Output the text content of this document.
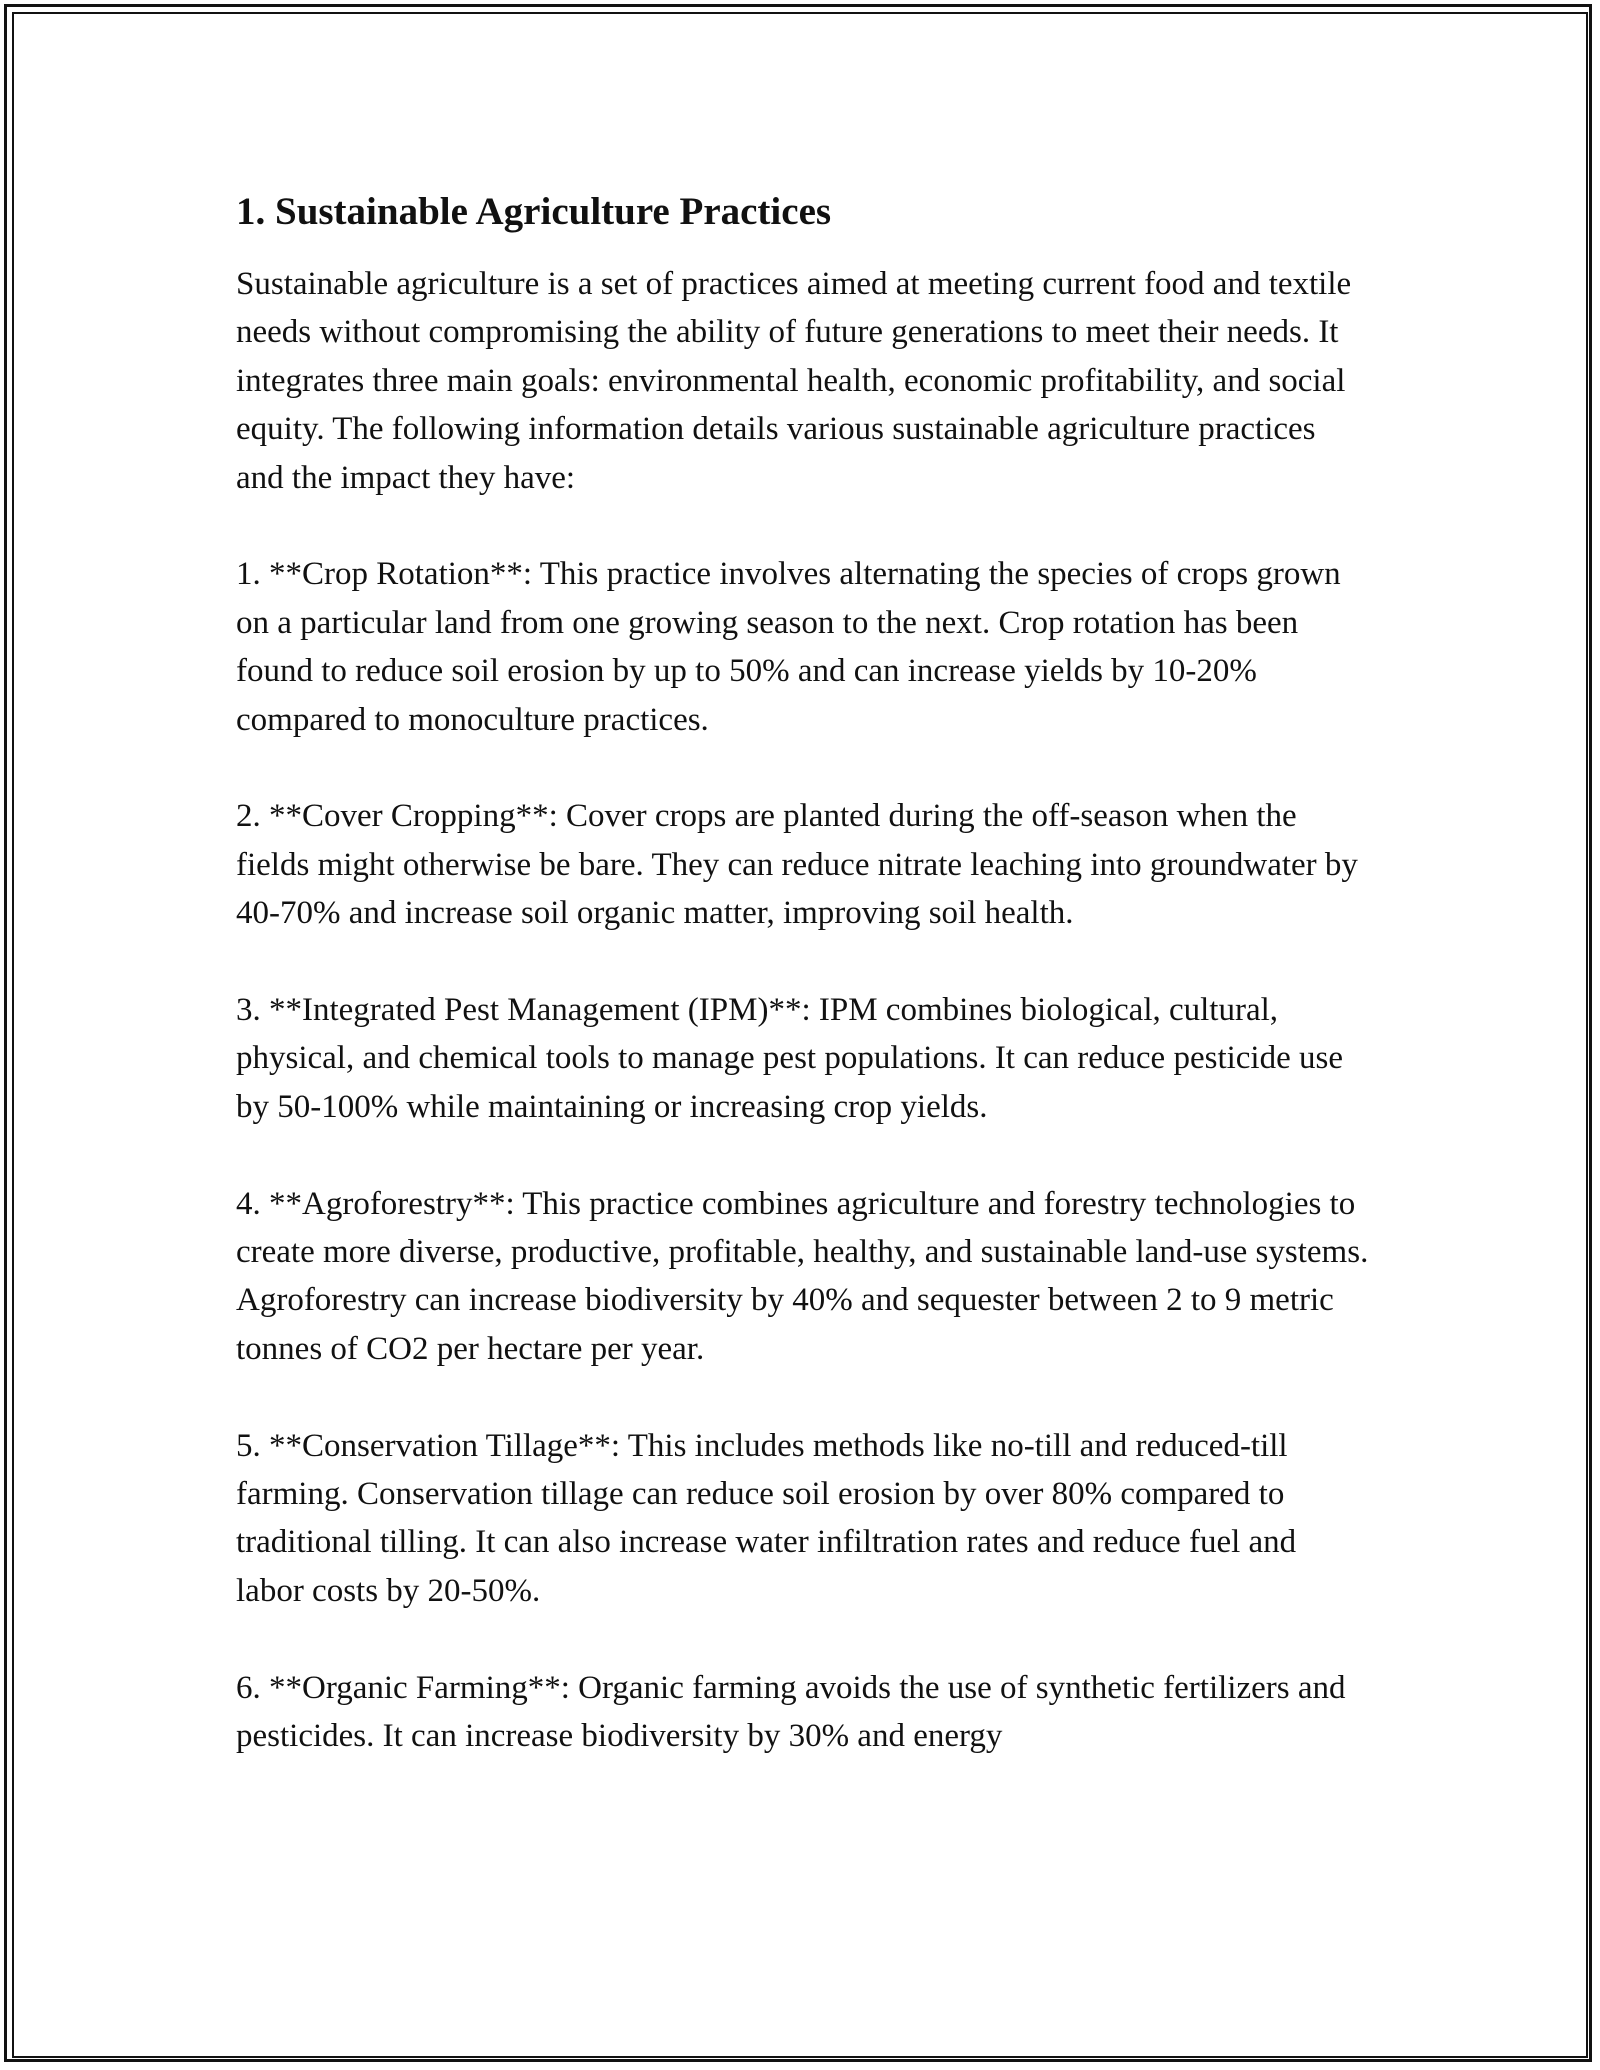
1. Sustainable Agriculture Practices

Sustainable agriculture is a set of practices aimed at meeting current food and textile needs without compromising the ability of future generations to meet their needs. It integrates three main goals: environmental health, economic profitability, and social equity. The following information details various sustainable agriculture practices and the impact they have:

1. **Crop Rotation**: This practice involves alternating the species of crops grown on a particular land from one growing season to the next. Crop rotation has been found to reduce soil erosion by up to 50% and can increase yields by 10-20% compared to monoculture practices.

2. **Cover Cropping**: Cover crops are planted during the off-season when the fields might otherwise be bare. They can reduce nitrate leaching into groundwater by 40-70% and increase soil organic matter, improving soil health.

3. **Integrated Pest Management (IPM)**: IPM combines biological, cultural, physical, and chemical tools to manage pest populations. It can reduce pesticide use by 50-100% while maintaining or increasing crop yields.

4. **Agroforestry**: This practice combines agriculture and forestry technologies to create more diverse, productive, profitable, healthy, and sustainable land-use systems. Agroforestry can increase biodiversity by 40% and sequester between 2 to 9 metric tonnes of CO2 per hectare per year.

5. **Conservation Tillage**: This includes methods like no-till and reduced-till farming. Conservation tillage can reduce soil erosion by over 80% compared to traditional tilling. It can also increase water infiltration rates and reduce fuel and labor costs by 20-50%.

6. **Organic Farming**: Organic farming avoids the use of synthetic fertilizers and pesticides. It can increase biodiversity by 30% and energy
